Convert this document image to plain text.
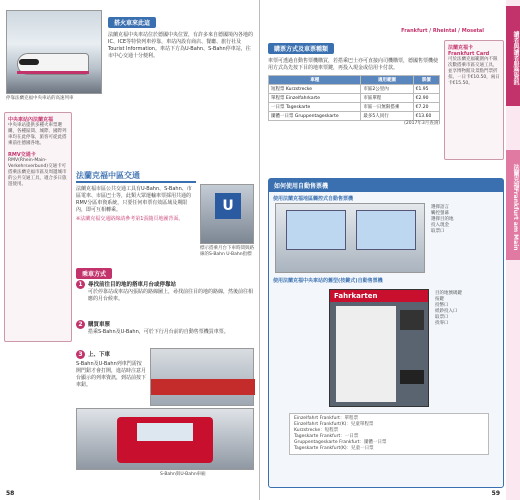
停靠法蘭克福中央車站的高速列車
搭火車來此這
法蘭克福中央車站位於德國中央位置，有許多來自德國境內各地的IC、ICE等特快列車停靠，車站內設有商店、餐廳、旅行社及Tourist Information。車站下方為U-Bahn、S-Bahn停車站，往市中心交通十分便利。
中央車站內法蘭克福
中央車站提供多種火車票選購，各種區間、城際、國際列車均在此停靠，旅客可從此搭乘前往德國各地。
RMV交通卡
RMV(Rhein-Main-Verkehrsverbund)交通卡可搭乘法蘭克福市區及周邊城市的公共交通工具，適合多日旅遊使用。
法蘭克福中區交通
法蘭克福市區公共交通工具有U-Bahn、S-Bahn、市區電車、市區巴士等，此類大眾運輸車票採用共通的RMV分區車資系統，只要任何車票有效區域及期限內，即可互相轉乘。
※法蘭克福交通路線請參考第1張隨頁地圖背面。
U
標示搭乘月台下車時間與路線的S-Bahn U-Bahn指標
乘車方式
1 尋找前往目的地的搭車月台或停靠站
可於停靠站或車站內張貼的路線圖上，尋找前往目的地的路線，然後前往相應的月台候車。
2 購買車票
搭乘S-Bahn及U-Bahn，可於下行月台前的自動售票機買車票。
3 上、下車
S-Bahn及U-Bahn列車門需按開門鈕才會打開，進站時注意月台顯示的列車資訊，到站前按下車鈕。
S-Bahn與U-Bahn車廂
58
Frankfurt / Rheintal / Mosetal	讀者與讀者服務資訊
法蘭克福Frankfurt am Main
購票方式及車票種類
車票可透過自動售票機購買，若搭乘巴士亦可直接向司機購票，德國售票機使用方式為先按下目的地車票鍵，再投入現金或信用卡付款。
車種	適用範圍	票價
短程票 Kurzstrecke	市區2公里內	€1.95
單程票 Einzelfahrkarte	市區單程	€2.90
一日票 Tageskarte	市區一日無限搭乘	€7.20
團體一日票 Gruppentageskarte	最多5人同行	€13.60
(2017年3月查詢)
法蘭克福卡 Frankfurt Card
可於法蘭克福範圍內不限次數搭乘市區交通工具，並享博物館及景點門票折扣。一日卡€10.50，兩日卡€15.50。
如何使用自動售票機
使用法蘭克福地區觸控式自動售票機
選擇語言
觸控螢幕
選擇目的地
投入現金
取票口
使用法蘭克福中央車站的舊型(按鍵式)自動售票機
Fahrkarten	目的地號碼鍵
按鍵
投幣口
紙鈔投入口
取票口
找零口
Einzelfahrt Frankfurt：單程票
Einzelfahrt Frankfurt(K)：兒童單程票
Kurzstrecke：短程票
Tageskarte Frankfurt：一日票
Gruppentageskarte Frankfurt：團體一日票
Tageskarte Frankfurt(K)：兒童一日票
59
